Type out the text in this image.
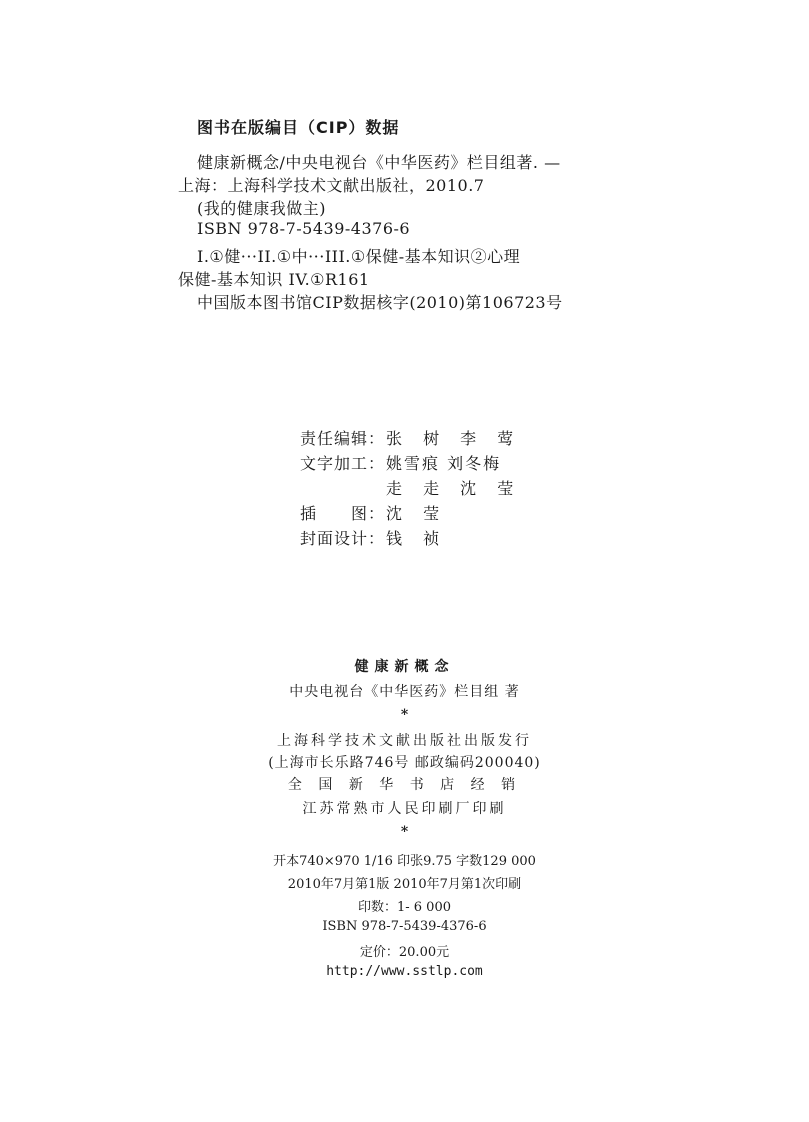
图书在版编目（CIP）数据
健康新概念/中央电视台《中华医药》栏目组著. —
上海：上海科学技术文献出版社，2010.7
(我的健康我做主)
ISBN 978-7-5439-4376-6
I.①健···II.①中···III.①保健-基本知识②心理
保健-基本知识 IV.①R161
中国版本图书馆CIP数据核字(2010)第106723号
责任编辑：张 树 李 莺
文字加工：姚雪痕 刘冬梅
走 走 沈 莹
插　　图：沈 莹
封面设计：钱 祯
健康新概念
中央电视台《中华医药》栏目组 著
*
上海科学技术文献出版社出版发行
(上海市长乐路746号 邮政编码200040)
全 国 新 华 书 店 经 销
江苏常熟市人民印刷厂印刷
*
开本740×970 1/16 印张9.75 字数129 000
2010年7月第1版 2010年7月第1次印刷
印数：1- 6 000
ISBN 978-7-5439-4376-6
定价：20.00元
http://www.sstlp.com
